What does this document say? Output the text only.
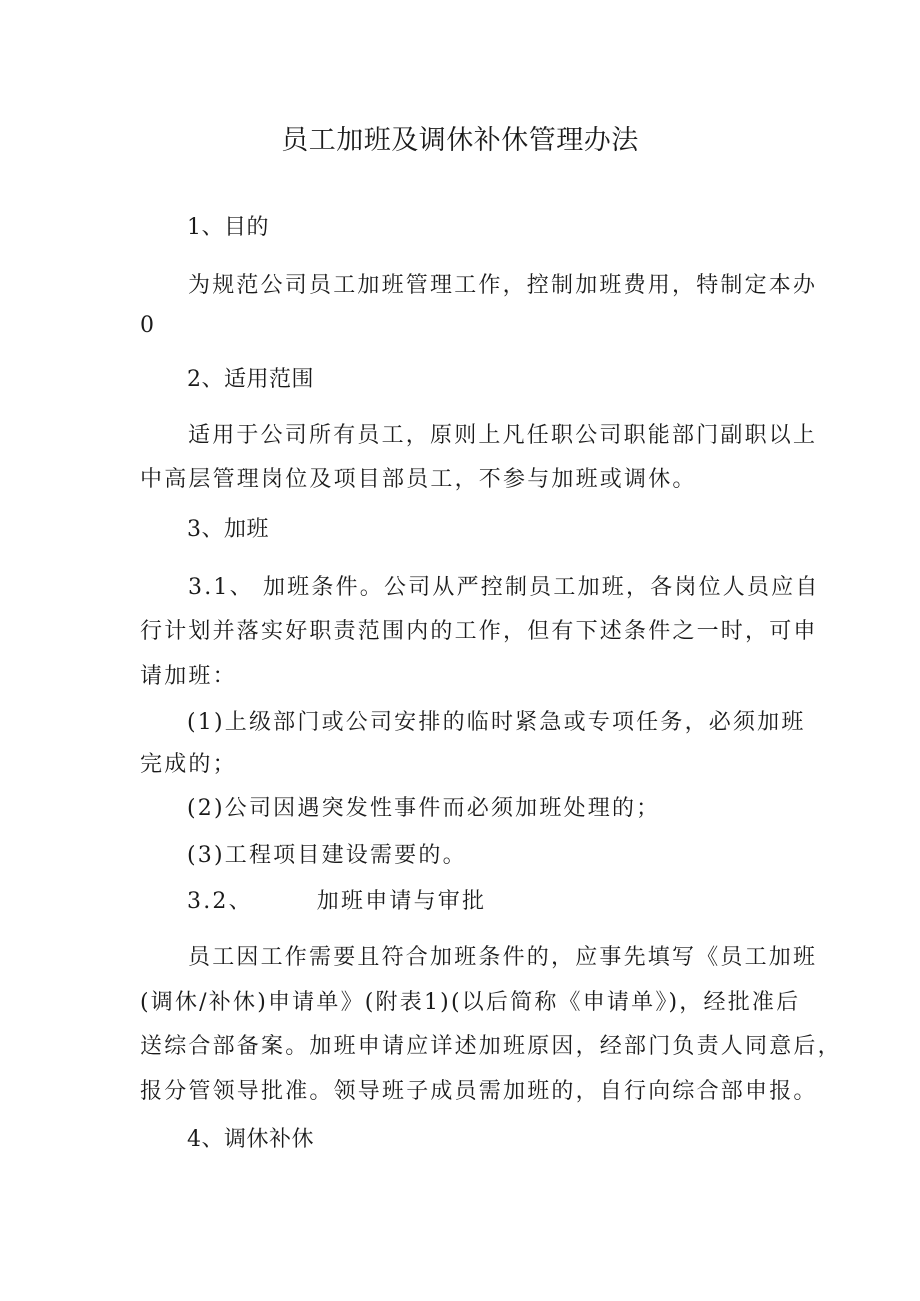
员工加班及调休补休管理办法
1、目的
为规范公司员工加班管理工作，控制加班费用，特制定本办
0
2、适用范围
适用于公司所有员工，原则上凡任职公司职能部门副职以上
中高层管理岗位及项目部员工，不参与加班或调休。
3、加班
3.1、 加班条件。公司从严控制员工加班，各岗位人员应自
行计划并落实好职责范围内的工作，但有下述条件之一时，可申
请加班：
(1)上级部门或公司安排的临时紧急或专项任务，必须加班
完成的；
(2)公司因遇突发性事件而必须加班处理的；
(3)工程项目建设需要的。
3.2、	加班申请与审批
员工因工作需要且符合加班条件的，应事先填写《员工加班
(调休/补休)申请单》(附表1)(以后简称《申请单》)，经批准后
送综合部备案。加班申请应详述加班原因，经部门负责人同意后，
报分管领导批准。领导班子成员需加班的，自行向综合部申报。
4、调休补休
